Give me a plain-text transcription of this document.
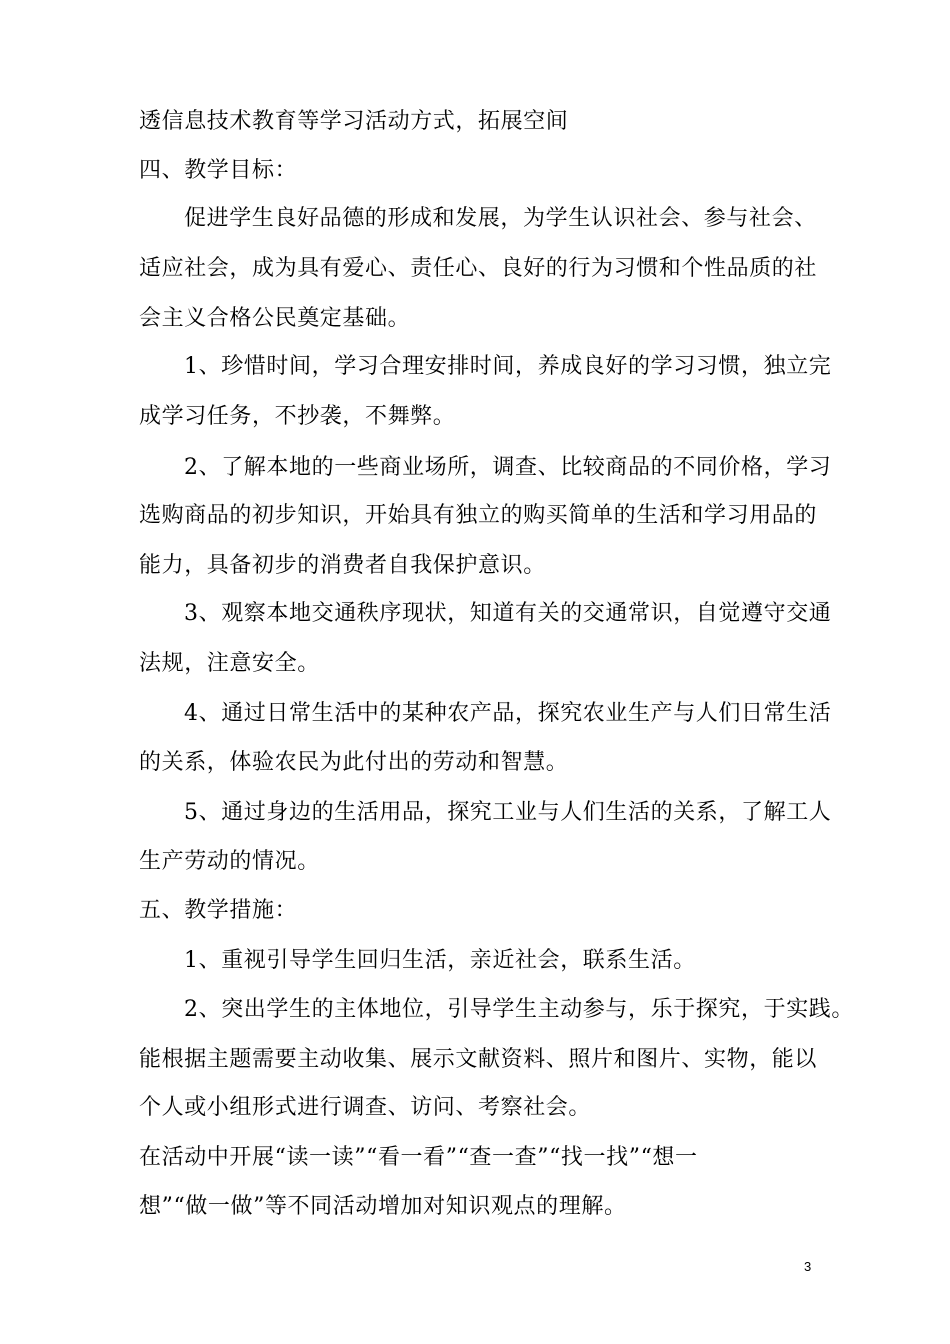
透信息技术教育等学习活动方式，拓展空间
四、教学目标：
促进学生良好品德的形成和发展，为学生认识社会、参与社会、
适应社会，成为具有爱心、责任心、良好的行为习惯和个性品质的社
会主义合格公民奠定基础。
1、珍惜时间，学习合理安排时间，养成良好的学习习惯，独立完
成学习任务，不抄袭，不舞弊。
2、了解本地的一些商业场所，调查、比较商品的不同价格，学习
选购商品的初步知识，开始具有独立的购买简单的生活和学习用品的
能力，具备初步的消费者自我保护意识。
3、观察本地交通秩序现状，知道有关的交通常识，自觉遵守交通
法规，注意安全。
4、通过日常生活中的某种农产品，探究农业生产与人们日常生活
的关系，体验农民为此付出的劳动和智慧。
5、通过身边的生活用品，探究工业与人们生活的关系，了解工人
生产劳动的情况。
五、教学措施：
1、重视引导学生回归生活，亲近社会，联系生活。
2、突出学生的主体地位，引导学生主动参与，乐于探究，于实践。
能根据主题需要主动收集、展示文献资料、照片和图片、实物，能以
个人或小组形式进行调查、访问、考察社会。
在活动中开展“读一读”“看一看”“查一查”“找一找”“想一
想”“做一做”等不同活动增加对知识观点的理解。
3
